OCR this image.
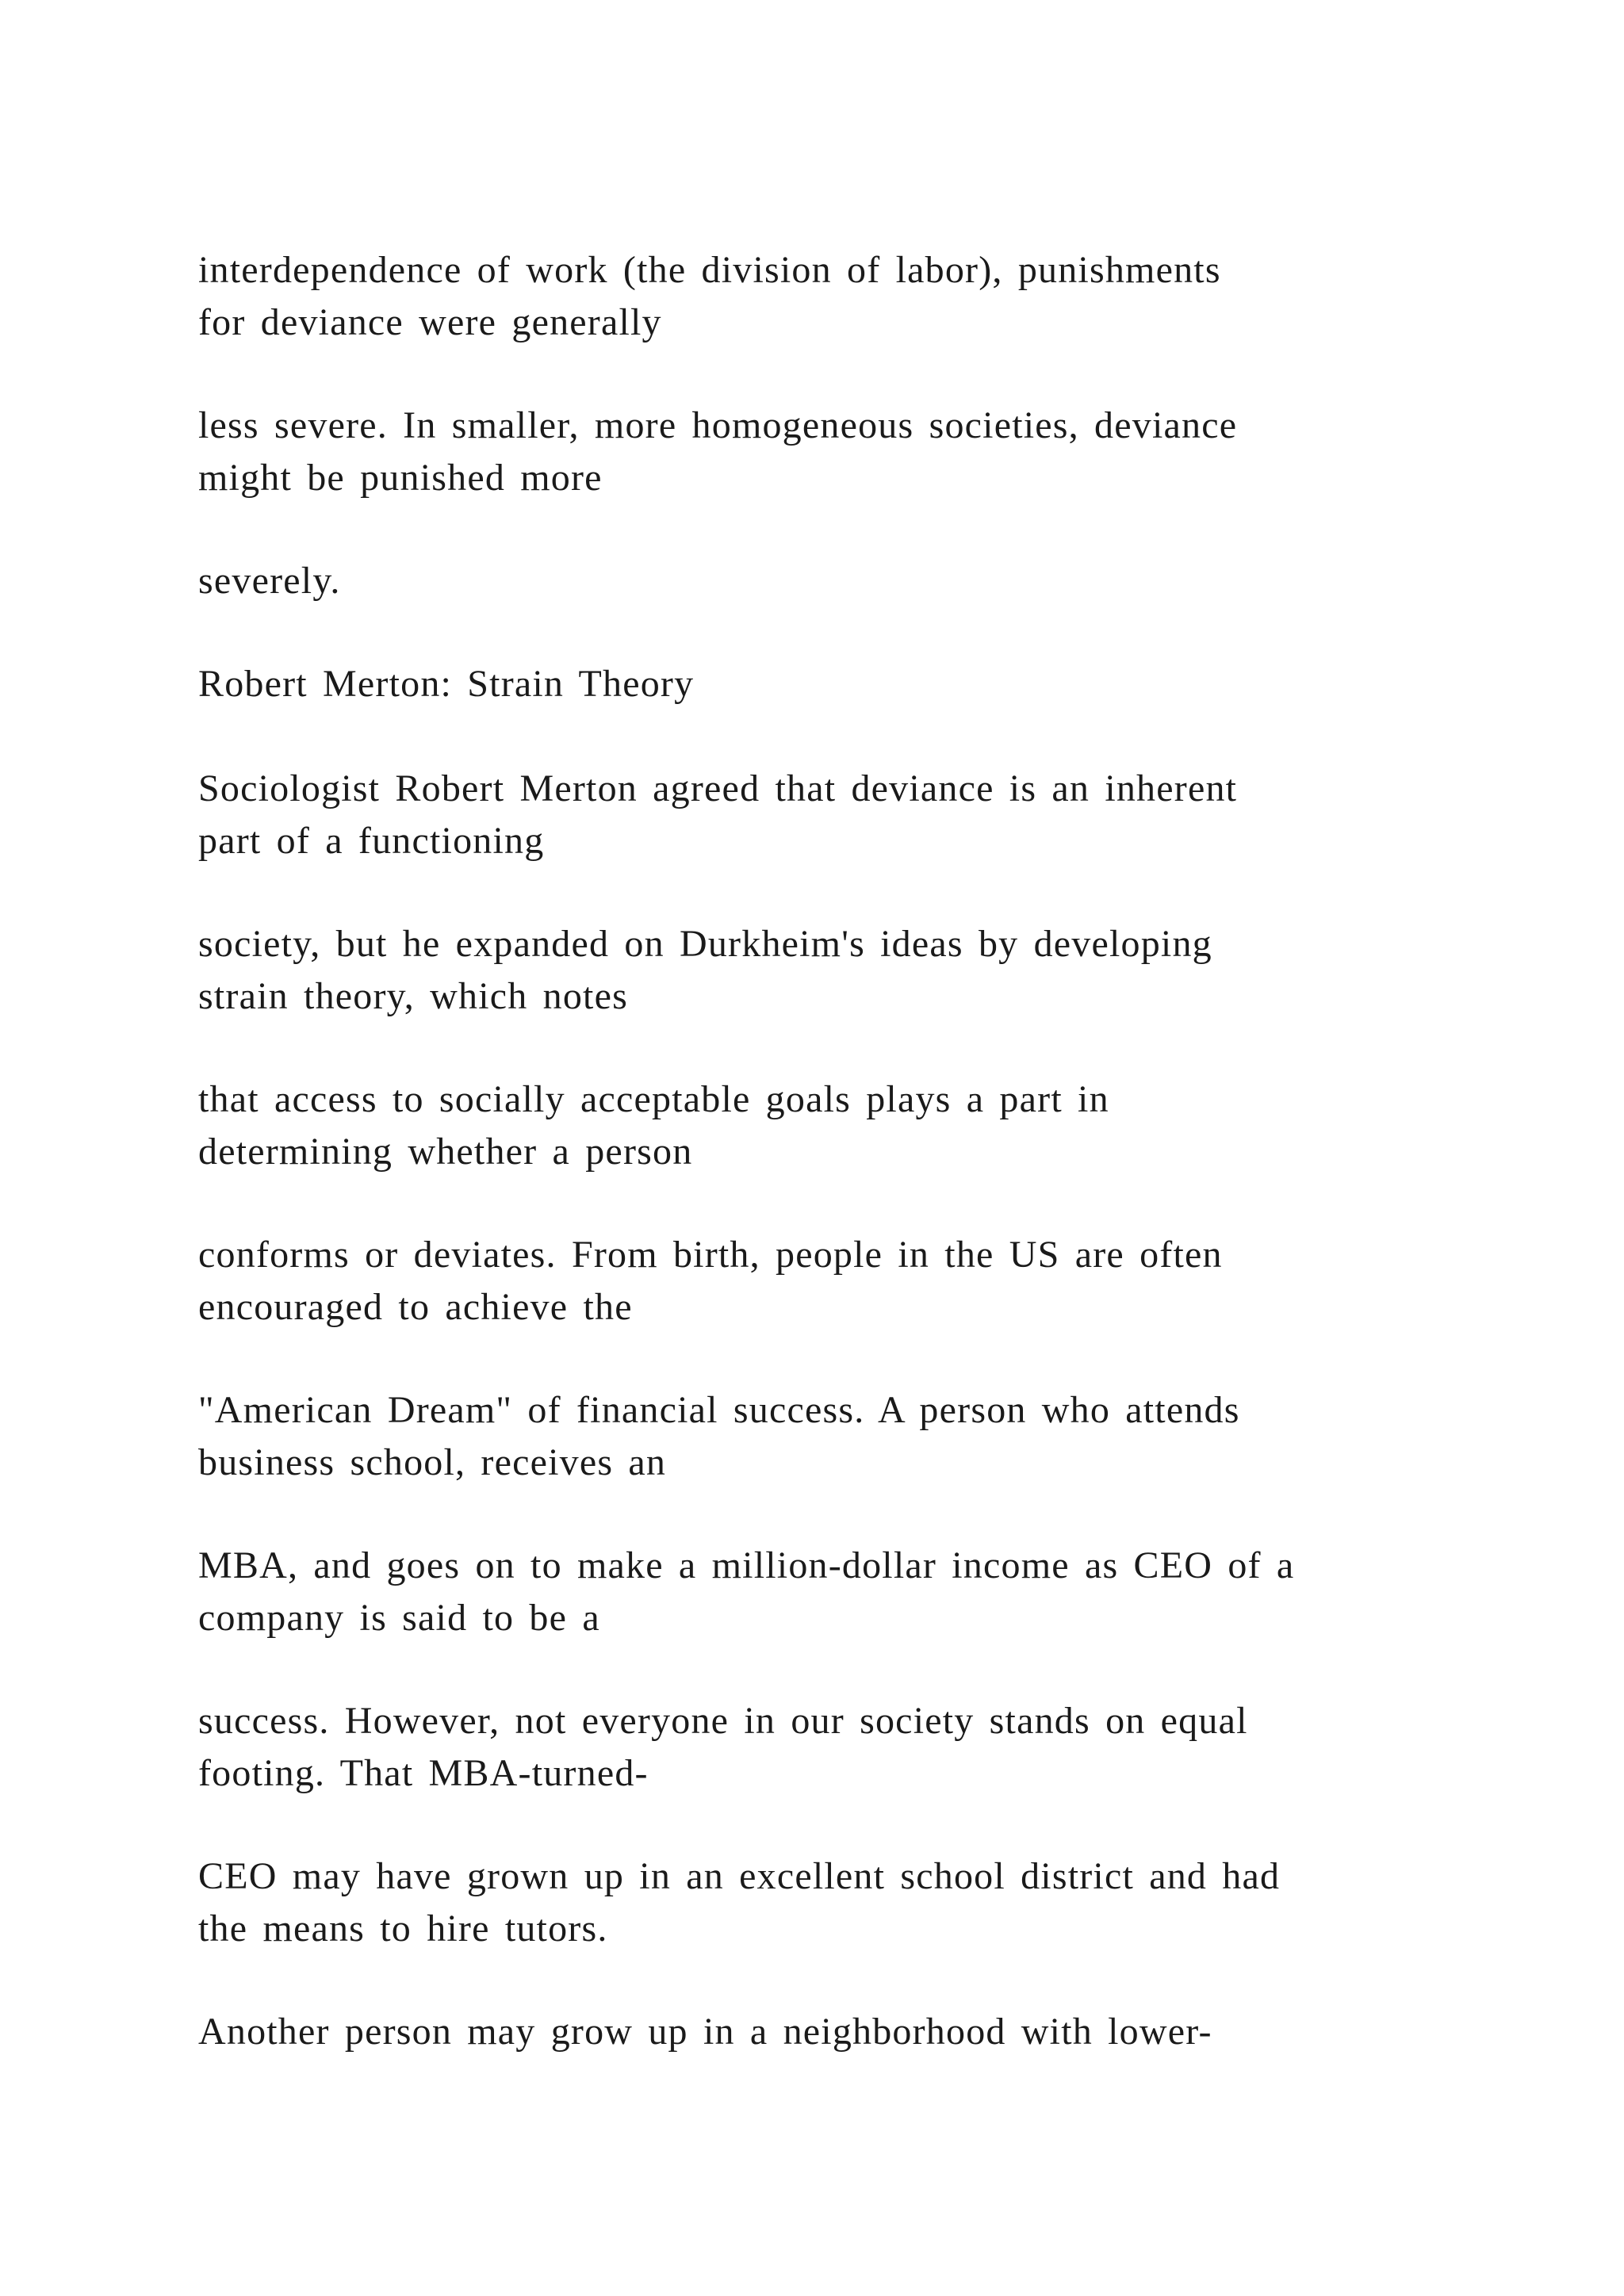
interdependence of work (the division of labor), punishments
for deviance were generally

less severe. In smaller, more homogeneous societies, deviance
might be punished more

severely.

Robert Merton: Strain Theory

Sociologist Robert Merton agreed that deviance is an inherent
part of a functioning

society, but he expanded on Durkheim's ideas by developing
strain theory, which notes

that access to socially acceptable goals plays a part in
determining whether a person

conforms or deviates. From birth, people in the US are often
encouraged to achieve the

"American Dream" of financial success. A person who attends
business school, receives an

MBA, and goes on to make a million-dollar income as CEO of a
company is said to be a

success. However, not everyone in our society stands on equal
footing. That MBA-turned-

CEO may have grown up in an excellent school district and had
the means to hire tutors.

Another person may grow up in a neighborhood with lower-
